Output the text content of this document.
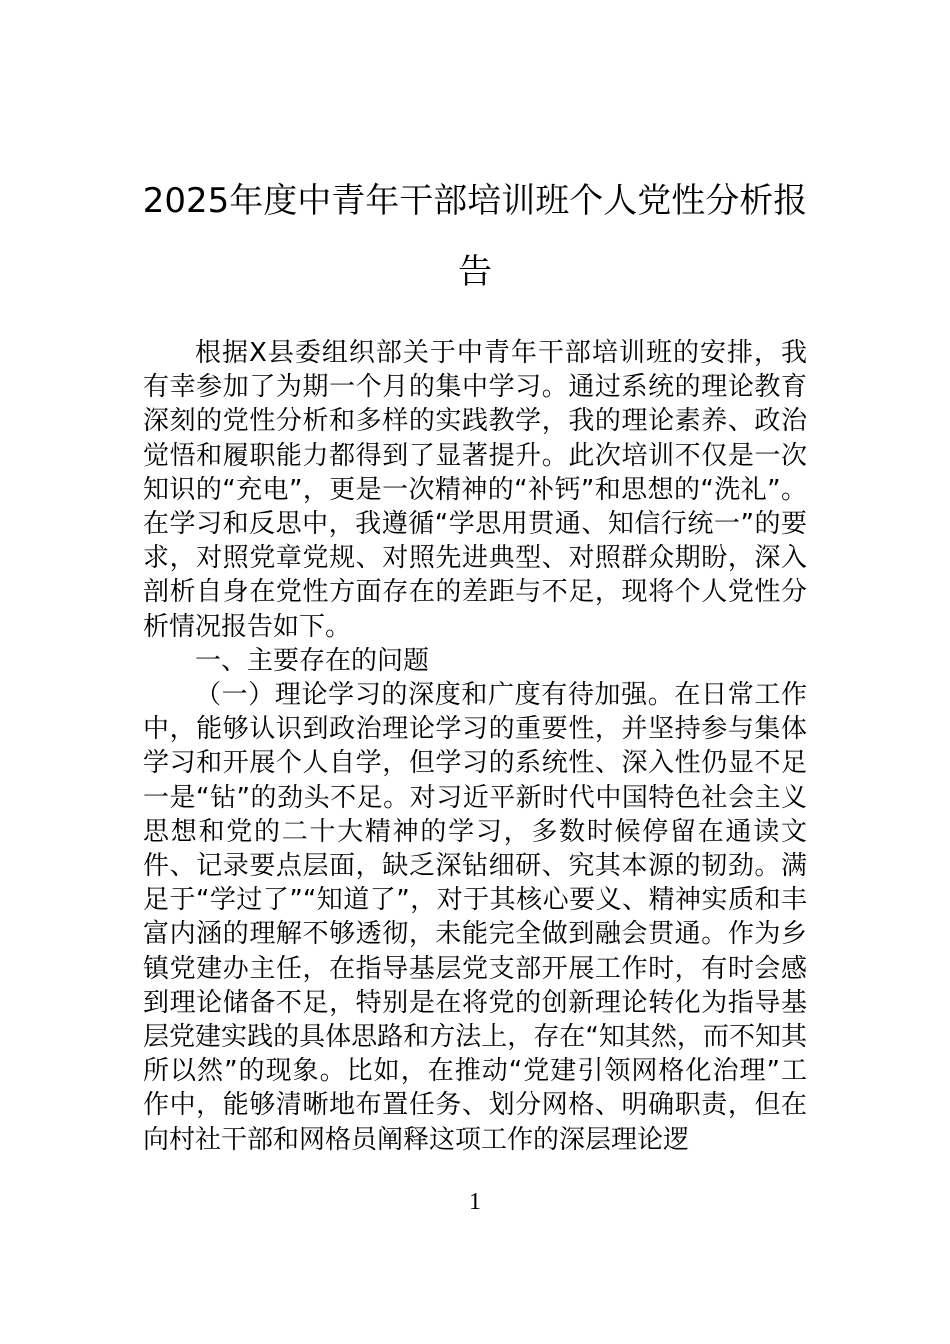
2025年度中青年干部培训班个人党性分析报告

根据X县委组织部关于中青年干部培训班的安排，我有幸参加了为期一个月的集中学习。通过系统的理论教育深刻的党性分析和多样的实践教学，我的理论素养、政治觉悟和履职能力都得到了显著提升。此次培训不仅是一次知识的“充电”，更是一次精神的“补钙”和思想的“洗礼”。在学习和反思中，我遵循“学思用贯通、知信行统一”的要求，对照党章党规、对照先进典型、对照群众期盼，深入剖析自身在党性方面存在的差距与不足，现将个人党性分析情况报告如下。

一、主要存在的问题

（一）理论学习的深度和广度有待加强。在日常工作中，能够认识到政治理论学习的重要性，并坚持参与集体学习和开展个人自学，但学习的系统性、深入性仍显不足一是“钻”的劲头不足。对习近平新时代中国特色社会主义思想和党的二十大精神的学习，多数时候停留在通读文件、记录要点层面，缺乏深钻细研、究其本源的韧劲。满足于“学过了”“知道了”，对于其核心要义、精神实质和丰富内涵的理解不够透彻，未能完全做到融会贯通。作为乡镇党建办主任，在指导基层党支部开展工作时，有时会感到理论储备不足，特别是在将党的创新理论转化为指导基层党建实践的具体思路和方法上，存在“知其然，而不知其所以然”的现象。比如，在推动“党建引领网格化治理”工作中，能够清晰地布置任务、划分网格、明确职责，但在向村社干部和网格员阐释这项工作的深层理论逻

1
